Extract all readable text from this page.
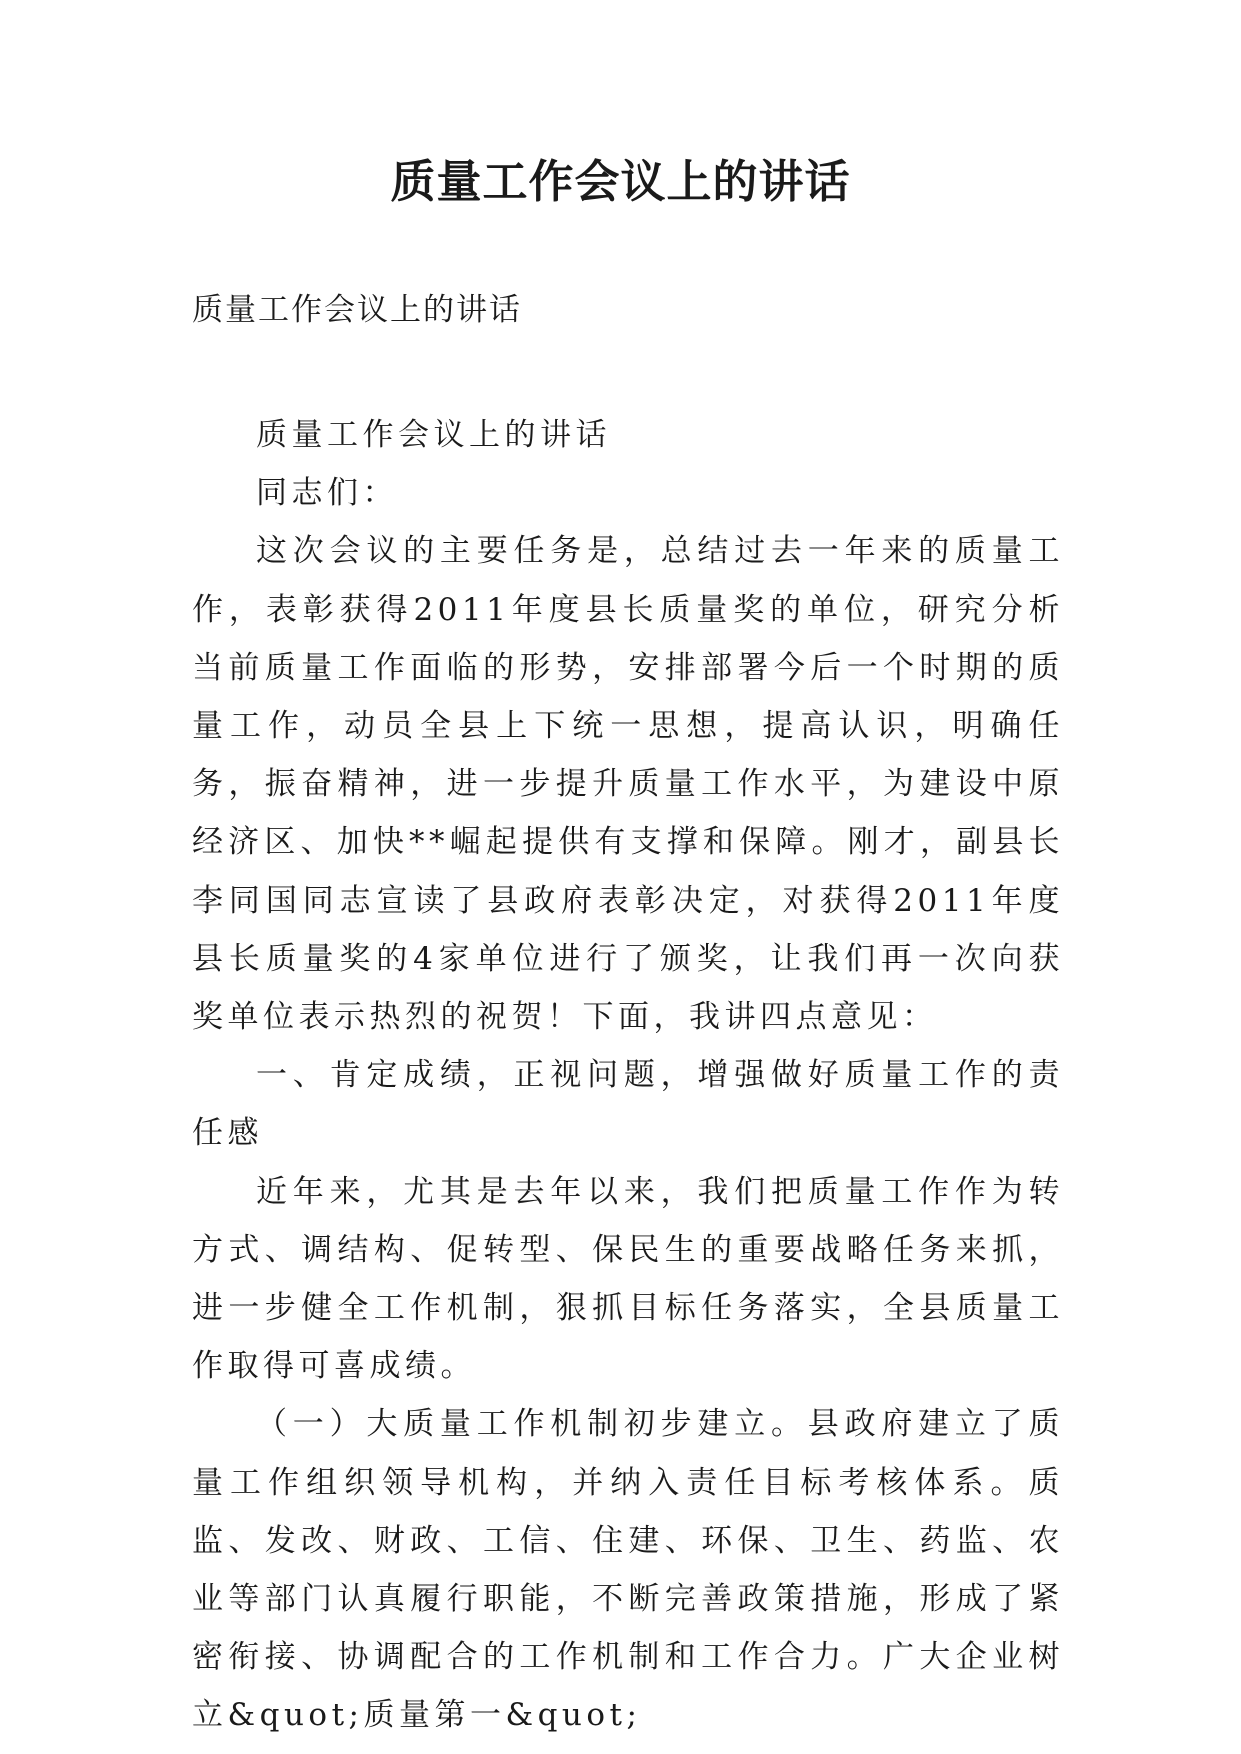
质量工作会议上的讲话
质量工作会议上的讲话

质量工作会议上的讲话

同志们：

这次会议的主要任务是，总结过去一年来的质量工作，表彰获得2011年度县长质量奖的单位，研究分析当前质量工作面临的形势，安排部署今后一个时期的质量工作，动员全县上下统一思想，提高认识，明确任务，振奋精神，进一步提升质量工作水平，为建设中原经济区、加快**崛起提供有支撑和保障。刚才，副县长李同国同志宣读了县政府表彰决定，对获得2011年度县长质量奖的4家单位进行了颁奖，让我们再一次向获奖单位表示热烈的祝贺！下面，我讲四点意见：

一、肯定成绩，正视问题，增强做好质量工作的责任感

近年来，尤其是去年以来，我们把质量工作作为转方式、调结构、促转型、保民生的重要战略任务来抓，进一步健全工作机制，狠抓目标任务落实，全县质量工作取得可喜成绩。

（一）大质量工作机制初步建立。县政府建立了质量工作组织领导机构，并纳入责任目标考核体系。质监、发改、财政、工信、住建、环保、卫生、药监、农业等部门认真履行职能，不断完善政策措施，形成了紧密衔接、协调配合的工作机制和工作合力。广大企业树立&quot;质量第一&quot;
